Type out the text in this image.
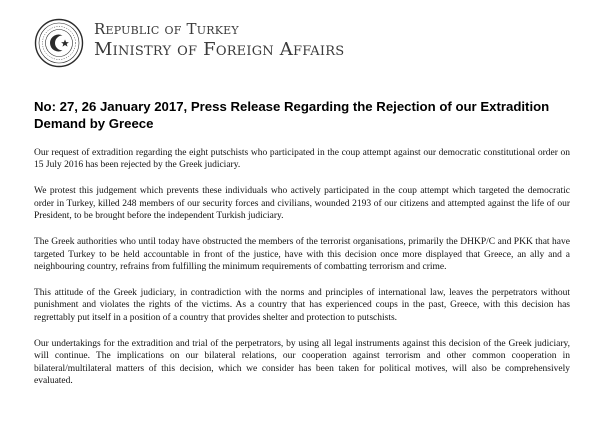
Republic of Turkey
Ministry of Foreign Affairs
No: 27, 26 January 2017, Press Release Regarding the Rejection of our Extradition Demand by Greece

Our request of extradition regarding the eight putschists who participated in the coup attempt against our democratic constitutional order on 15 July 2016 has been rejected by the Greek judiciary.

We protest this judgement which prevents these individuals who actively participated in the coup attempt which targeted the democratic order in Turkey, killed 248 members of our security forces and civilians, wounded 2193 of our citizens and attempted against the life of our President, to be brought before the independent Turkish judiciary.

The Greek authorities who until today have obstructed the members of the terrorist organisations, primarily the DHKP/C and PKK that have targeted Turkey to be held accountable in front of the justice, have with this decision once more displayed that Greece, an ally and a neighbouring country, refrains from fulfilling the minimum requirements of combatting terrorism and crime.

This attitude of the Greek judiciary, in contradiction with the norms and principles of international law, leaves the perpetrators without punishment and violates the rights of the victims. As a country that has experienced coups in the past, Greece, with this decision has regrettably put itself in a position of a country that provides shelter and protection to putschists.

Our undertakings for the extradition and trial of the perpetrators, by using all legal instruments against this decision of the Greek judiciary, will continue. The implications on our bilateral relations, our cooperation against terrorism and other common cooperation in bilateral/multilateral matters of this decision, which we consider has been taken for political motives, will also be comprehensively evaluated.
